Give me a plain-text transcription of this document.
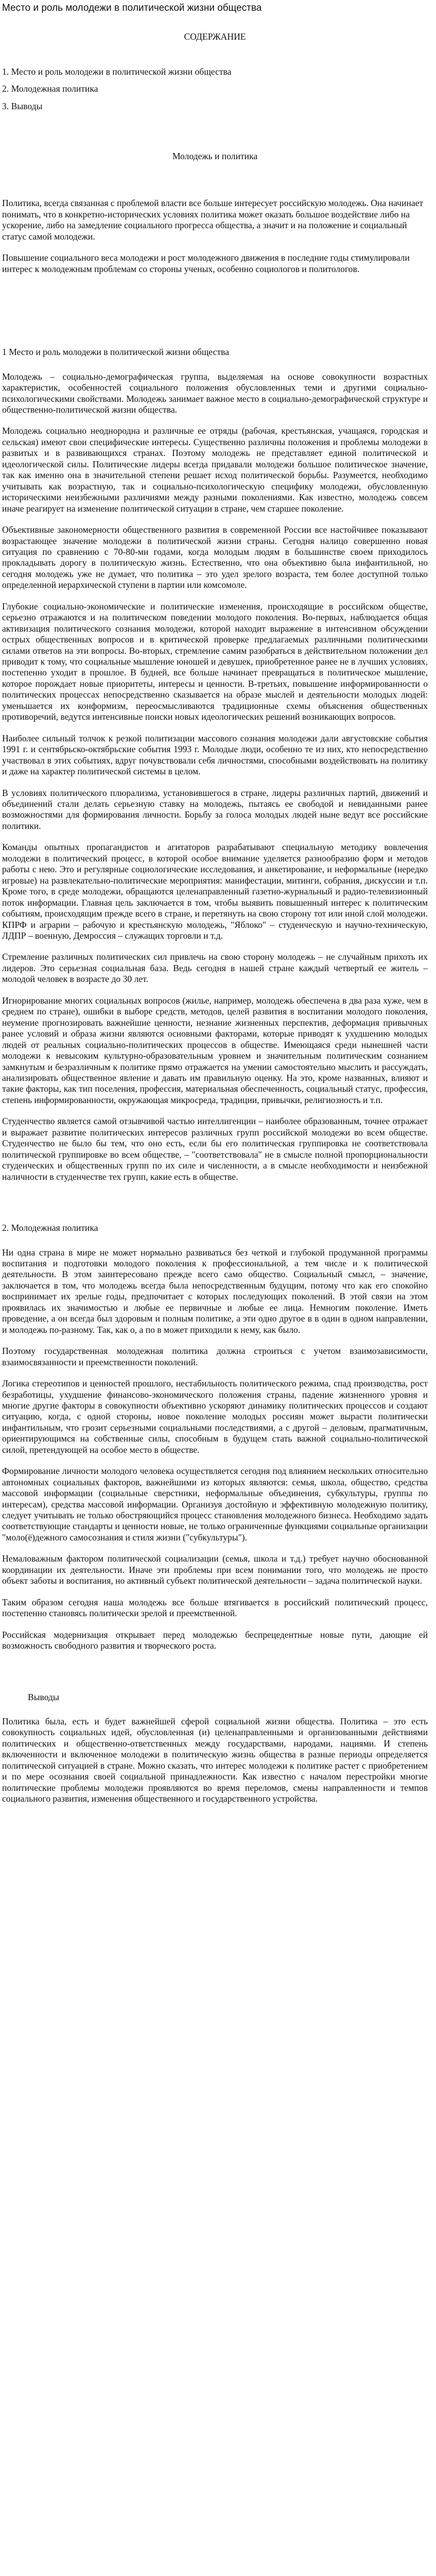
Место и роль молодежи в политической жизни общества
СОДЕРЖАНИЕ
1. Место и роль молодежи в политической жизни общества
2. Молодежная политика
3. Выводы
Молодежь и политика

Политика, всегда связанная с проблемой власти все больше интересует российскую молодежь. Она начинает понимать, что в конкретно-исторических условиях политика может оказать большое воздействие либо на ускорение, либо на замедление социального прогресса общества, а значит и на положение и социальный статус самой молодежи.

Повышение социального веса молодежи и рост молодежного движения в последние годы стимулировали интерес к молодежным проблемам со стороны ученых, особенно социологов и политологов.

1 Место и роль молодежи в политической жизни общества

Молодежь – социально-демографическая группа, выделяемая на основе совокупности возрастных характеристик, особенностей социального положения обусловленных теми и другими социально-психологическими свойствами. Молодежь занимает важное место в социально-демографической структуре и общественно-политической жизни общества.

Молодежь социально неоднородна и различные ее отряды (рабочая, крестьянская, учащаяся, городская и сельская) имеют свои специфические интересы. Существенно различны положения и проблемы молодежи в развитых и в развивающихся странах. Поэтому молодежь не представляет единой политической и идеологической силы. Политические лидеры всегда придавали молодежи большое политическое значение, так как именно она в значительной степени решает исход политической борьбы. Разумеется, необходимо учитывать как возрастную, так и социально-психологическую специфику молодежи, обусловленную историческими неизбежными различиями между разными поколениями. Как известно, молодежь совсем иначе реагирует на изменение политической ситуации в стране, чем старшее поколение.

Объективные закономерности общественного развития в современной России все настойчивее показывают возрастающее значение молодежи в политической жизни страны. Сегодня налицо совершенно новая ситуация по сравнению с 70-80-ми годами, когда молодым людям в большинстве своем приходилось прокладывать дорогу в политическую жизнь. Естественно, что она объективно была инфантильной, но сегодня молодежь уже не думает, что политика – это удел зрелого возраста, тем более доступной только определенной иерархической ступени в партии или комсомоле.

Глубокие социально-экономические и политические изменения, происходящие в российском обществе, серьезно отражаются и на политическом поведении молодого поколения. Во-первых, наблюдается общая активизация политического сознания молодежи, которой находит выражение в интенсивном обсуждении острых общественных вопросов и в критической проверке предлагаемых различными политическими силами ответов на эти вопросы. Во-вторых, стремление самим разобраться в действительном положении дел приводит к тому, что социальные мышление юношей и девушек, приобретенное ранее не в лучших условиях, постепенно уходит в прошлое. В будней, все больше начинает превращаться в политическое мышление, которое порождает новые приоритеты, интересы и ценности. В-третьих, повышение информированности о политических процессах непосредственно сказывается на образе мыслей и деятельности молодых людей: уменьшается их конформизм, переосмысливаются традиционные схемы объяснения общественных противоречий, ведутся интенсивные поиски новых идеологических решений возникающих вопросов.

Наиболее сильный толчок к резкой политизации массового сознания молодежи дали августовские события 1991 г. и сентябрьско-октябрьские события 1993 г. Молодые люди, особенно те из них, кто непосредственно участвовал в этих событиях, вдруг почувствовали себя личностями, способными воздействовать на политику и даже на характер политической системы в целом.

В условиях политического плюрализма, установившегося в стране, лидеры различных партий, движений и объединений стали делать серьезную ставку на молодежь, пытаясь ее свободой и невиданными ранее возможностями для формирования личности. Борьбу за голоса молодых людей ныне ведут все российские политики.

Команды опытных пропагандистов и агитаторов разрабатывают специальную методику вовлечения молодежи в политический процесс, в которой особое внимание уделяется разнообразию форм и методов работы с нею. Это и регулярные социологические исследования, и анкетирование, и неформальные (нередко игровые) на развлекательно-политические мероприятия: манифестации, митинги, собрания, дискуссии и т.п. Кроме того, в среде молодежи, обращаются целенаправленный газетно-журнальный и радио-телевизионный поток информации. Главная цель заключается в том, чтобы выявить повышенный интерес к политическим событиям, происходящим прежде всего в стране, и перетянуть на свою сторону тот или иной слой молодежи. КПРФ и аграрии – рабочую и крестьянскую молодежь, "Яблоко" – студенческую и научно-техническую, ЛДПР – военную, Демроссия – служащих торговли и т.д.

Стремление различных политических сил привлечь на свою сторону молодежь – не случайным прихоть их лидеров. Это серьезная социальная база. Ведь сегодня в нашей стране каждый четвертый ее житель – молодой человек в возрасте до 30 лет.

Игнорирование многих социальных вопросов (жилье, например, молодежь обеспечена в два раза хуже, чем в среднем по стране), ошибки в выборе средств, методов, целей развития в воспитании молодого поколения, неумение прогнозировать важнейшие ценности, незнание жизненных перспектив, деформация привычных ранее условий и образа жизни являются основными факторами, которые приводят к ухудшению молодых людей от реальных социально-политических процессов в обществе. Имеющаяся среди нынешней части молодежи к невысоким культурно-образовательным уровнем и значительным политическим сознанием замкнутым и безразличным к политике прямо отражается на умении самостоятельно мыслить и рассуждать, анализировать общественное явление и давать им правильную оценку. На это, кроме названных, влияют и такие факторы, как тип поселения, профессия, материальная обеспеченность, социальный статус, профессия, степень информированности, окружающая микросреда, традиции, привычки, религиозность и т.п.

Студенчество является самой отзывчивой частью интеллигенции – наиболее образованным, точнее отражает и выражает развитие политических интересов различных групп российской молодежи во всем обществе. Студенчество не было бы тем, что оно есть, если бы его политическая группировка не соответствовала политической группировке во всем обществе, – "соответствовала" не в смысле полной пропорциональности студенческих и общественных групп по их силе и численности, а в смысле необходимости и неизбежной наличности в студенчестве тех групп, какие есть в обществе.

2. Молодежная политика

Ни одна страна в мире не может нормально развиваться без четкой и глубокой продуманной программы воспитания и подготовки молодого поколения к профессиональной, а тем числе и к политической деятельности. В этом заинтересовано прежде всего само общество. Социальный смысл, – значение, заключается в том, что молодежь всегда была непосредственным будущим, потому что как его спокойно воспринимает их зрелые годы, предпочитает с которых последующих поколений. В этой связи на этом проявилась их значимостью и любые ее первичные и любые ее лица. Немногим поколение. Иметь проведение, а он всегда был здоровым и полным политике, а эти одно другое в в один в одном направлении, и молодежь по-разному. Так, как о, а по в может приходили к нему, как было.

Поэтому государственная молодежная политика должна строиться с учетом взаимозависимости, взаимосвязанности и преемственности поколений.

Логика стереотипов и ценностей прошлого, нестабильность политического режима, спад производства, рост безработицы, ухудшение финансово-экономического положения страны, падение жизненного уровня и многие другие факторы в совокупности объективно ускоряют динамику политических процессов и создают ситуацию, когда, с одной стороны, новое поколение молодых россиян может вырасти политически инфантильным, что грозит серьезными социальными последствиями, а с другой – деловым, прагматичным, ориентирующимся на собственные силы, способным в будущем стать важной социально-политической силой, претендующей на особое место в обществе.

Формирование личности молодого человека осуществляется сегодня под влиянием нескольких относительно автономных социальных факторов, важнейшими из которых являются: семья, школа, общество, средства массовой информации (социальные сверстники, неформальные объединения, субкультуры, группы по интересам), средства массовой информации. Организуя достойную и эффективную молодежную политику, следует учитывать не только обостряющийся процесс становления молодежного бизнеса. Необходимо задать соответствующие стандарты и ценности новые, не только ограниченные функциями социальные организации "моло(ё)дежного самосознания и стиля жизни ("субкультуры").

Немаловажным фактором политической социализации (семья, школа и т.д.) требует научно обоснованной координации их деятельности. Иначе эти проблемы при всем понимании того, что молодежь не просто объект заботы и воспитания, но активный субъект политической деятельности – задача политической науки.

Таким образом сегодня наша молодежь все больше втягивается в российский политический процесс, постепенно становясь политически зрелой и преемственной.

Российская модернизация открывает перед молодежью беспрецедентные новые пути, дающие ей возможность свободного развития и творческого роста.

Выводы

Политика была, есть и будет важнейшей сферой социальной жизни общества. Политика – это есть совокупность социальных идей, обусловленная (и) целенаправленными и организованными действиями политических и общественно-ответственных между государствами, народами, нациями. И степень включенности и включенное молодежи в политическую жизнь общества в разные периоды определяется политической ситуацией в стране. Можно сказать, что интерес молодежи к политике растет с приобретением и по мере осознания своей социальной принадлежности. Как известно с началом перестройки многие политические проблемы молодежи проявляются во время переломов, смены направленности и темпов социального развития, изменения общественного и государственного устройства.
